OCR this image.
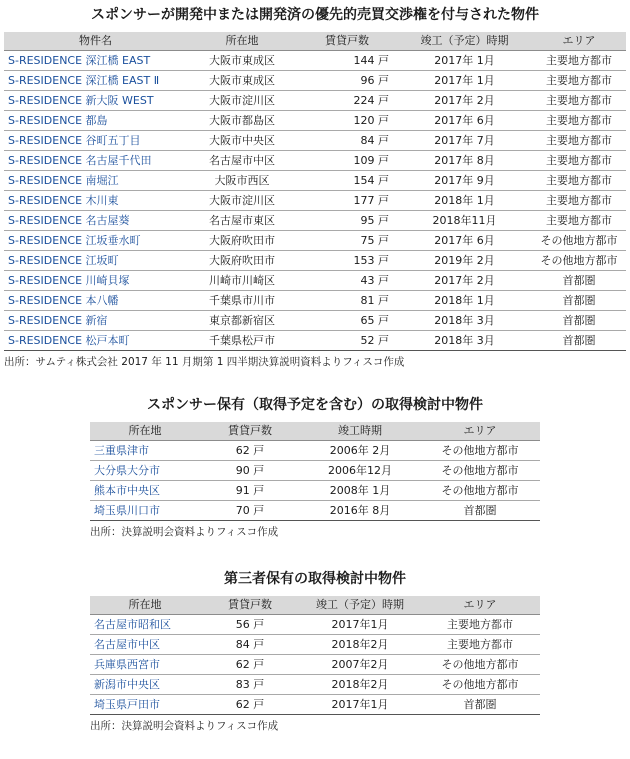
スポンサーが開発中または開発済の優先的売買交渉権を付与された物件
物件名	所在地	賃貸戸数	竣工（予定）時期	エリア
S-RESIDENCE 深江橋 EAST	大阪市東成区	144 戸	2017年 1月	主要地方都市
S-RESIDENCE 深江橋 EAST Ⅱ	大阪市東成区	96 戸	2017年 1月	主要地方都市
S-RESIDENCE 新大阪 WEST	大阪市淀川区	224 戸	2017年 2月	主要地方都市
S-RESIDENCE 都島	大阪市都島区	120 戸	2017年 6月	主要地方都市
S-RESIDENCE 谷町五丁目	大阪市中央区	84 戸	2017年 7月	主要地方都市
S-RESIDENCE 名古屋千代田	名古屋市中区	109 戸	2017年 8月	主要地方都市
S-RESIDENCE 南堀江	大阪市西区	154 戸	2017年 9月	主要地方都市
S-RESIDENCE 木川東	大阪市淀川区	177 戸	2018年 1月	主要地方都市
S-RESIDENCE 名古屋葵	名古屋市東区	95 戸	2018年11月	主要地方都市
S-RESIDENCE 江坂垂水町	大阪府吹田市	75 戸	2017年 6月	その他地方都市
S-RESIDENCE 江坂町	大阪府吹田市	153 戸	2019年 2月	その他地方都市
S-RESIDENCE 川崎貝塚	川崎市川崎区	43 戸	2017年 2月	首都圏
S-RESIDENCE 本八幡	千葉県市川市	81 戸	2018年 1月	首都圏
S-RESIDENCE 新宿	東京都新宿区	65 戸	2018年 3月	首都圏
S-RESIDENCE 松戸本町	千葉県松戸市	52 戸	2018年 3月	首都圏
出所：サムティ株式会社 2017 年 11 月期第 1 四半期決算説明資料よりフィスコ作成
スポンサー保有（取得予定を含む）の取得検討中物件
所在地	賃貸戸数	竣工時期	エリア
三重県津市	62 戸	2006年 2月	その他地方都市
大分県大分市	90 戸	2006年12月	その他地方都市
熊本市中央区	91 戸	2008年 1月	その他地方都市
埼玉県川口市	70 戸	2016年 8月	首都圏
出所：決算説明会資料よりフィスコ作成
第三者保有の取得検討中物件
所在地	賃貸戸数	竣工（予定）時期	エリア
名古屋市昭和区	56 戸	2017年1月	主要地方都市
名古屋市中区	84 戸	2018年2月	主要地方都市
兵庫県西宮市	62 戸	2007年2月	その他地方都市
新潟市中央区	83 戸	2018年2月	その他地方都市
埼玉県戸田市	62 戸	2017年1月	首都圏
出所：決算説明会資料よりフィスコ作成
